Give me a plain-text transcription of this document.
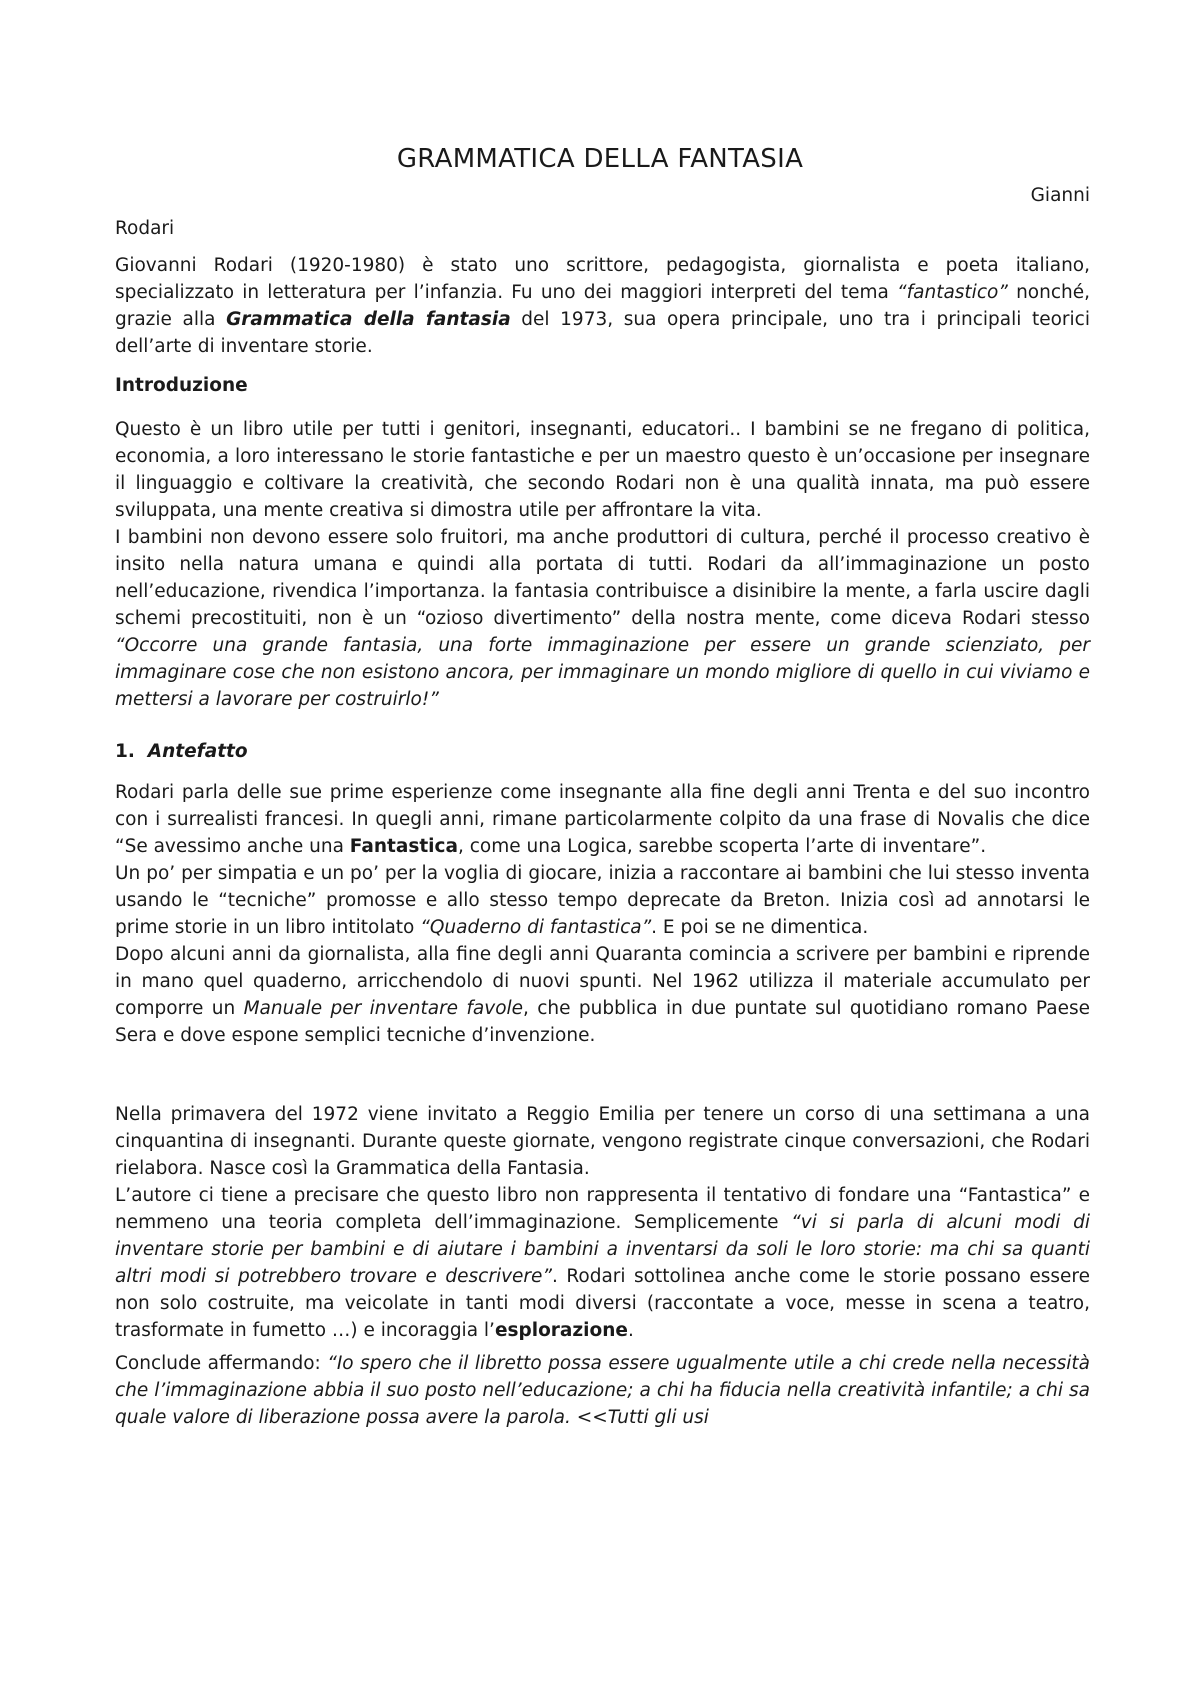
GRAMMATICA DELLA FANTASIA
Gianni
Rodari

Giovanni Rodari (1920-1980) è stato uno scrittore, pedagogista, giornalista e poeta italiano, specializzato in letteratura per l’infanzia. Fu uno dei maggiori interpreti del tema “fantastico” nonché, grazie alla Grammatica della fantasia del 1973, sua opera principale, uno tra i principali teorici dell’arte di inventare storie.

Introduzione

Questo è un libro utile per tutti i genitori, insegnanti, educatori.. I bambini se ne fregano di politica, economia, a loro interessano le storie fantastiche e per un maestro questo è un’occasione per insegnare il linguaggio e coltivare la creatività, che secondo Rodari non è una qualità innata, ma può essere sviluppata, una mente creativa si dimostra utile per affrontare la vita.

I bambini non devono essere solo fruitori, ma anche produttori di cultura, perché il processo creativo è insito nella natura umana e quindi alla portata di tutti. Rodari da all’immaginazione un posto nell’educazione, rivendica l’importanza. la fantasia contribuisce a disinibire la mente, a farla uscire dagli schemi precostituiti, non è un “ozioso divertimento” della nostra mente, come diceva Rodari stesso “Occorre una grande fantasia, una forte immaginazione per essere un grande scienziato, per immaginare cose che non esistono ancora, per immaginare un mondo migliore di quello in cui viviamo e mettersi a lavorare per costruirlo!”

1. Antefatto

Rodari parla delle sue prime esperienze come insegnante alla fine degli anni Trenta e del suo incontro con i surrealisti francesi. In quegli anni, rimane particolarmente colpito da una frase di Novalis che dice “Se avessimo anche una Fantastica, come una Logica, sarebbe scoperta l’arte di inventare”.

Un po’ per simpatia e un po’ per la voglia di giocare, inizia a raccontare ai bambini che lui stesso inventa usando le “tecniche” promosse e allo stesso tempo deprecate da Breton. Inizia così ad annotarsi le prime storie in un libro intitolato “Quaderno di fantastica”. E poi se ne dimentica.

Dopo alcuni anni da giornalista, alla fine degli anni Quaranta comincia a scrivere per bambini e riprende in mano quel quaderno, arricchendolo di nuovi spunti. Nel 1962 utilizza il materiale accumulato per comporre un Manuale per inventare favole, che pubblica in due puntate sul quotidiano romano Paese Sera e dove espone semplici tecniche d’invenzione.

Nella primavera del 1972 viene invitato a Reggio Emilia per tenere un corso di una settimana a una cinquantina di insegnanti. Durante queste giornate, vengono registrate cinque conversazioni, che Rodari rielabora. Nasce così la Grammatica della Fantasia.

L’autore ci tiene a precisare che questo libro non rappresenta il tentativo di fondare una “Fantastica” e nemmeno una teoria completa dell’immaginazione. Semplicemente “vi si parla di alcuni modi di inventare storie per bambini e di aiutare i bambini a inventarsi da soli le loro storie: ma chi sa quanti altri modi si potrebbero trovare e descrivere”. Rodari sottolinea anche come le storie possano essere non solo costruite, ma veicolate in tanti modi diversi (raccontate a voce, messe in scena a teatro, trasformate in fumetto …) e incoraggia l’esplorazione.

Conclude affermando: “Io spero che il libretto possa essere ugualmente utile a chi crede nella necessità che l’immaginazione abbia il suo posto nell’educazione; a chi ha fiducia nella creatività infantile; a chi sa quale valore di liberazione possa avere la parola. <<Tutti gli usi
